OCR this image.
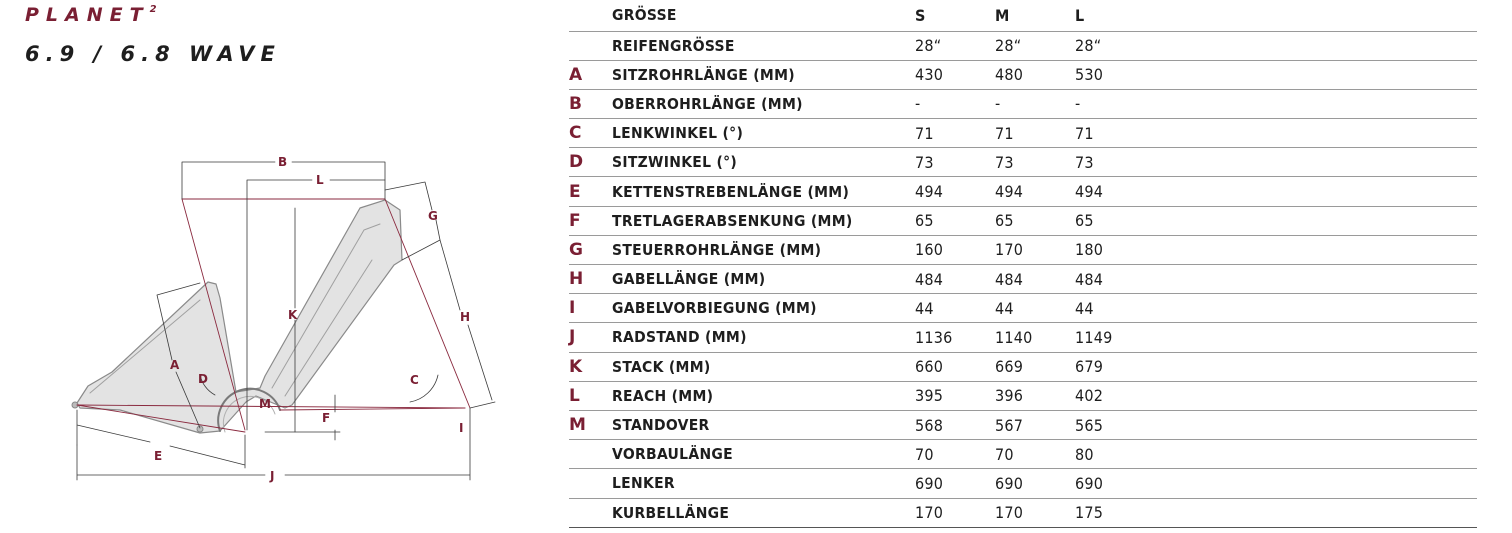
PLANET$^2$
6.9 / 6.8 WAVE
B
L
K
G
H
A
D	C
M
F
I
E
J
GRÖSSE	S	M	L
REIFENGRÖSSE	28“	28“	28“
A SITZROHRLÄNGE (MM)	430	480	530
B OBERROHRLÄNGE (MM)	-	-	-
C LENKWINKEL (°)	71	71	71
D SITZWINKEL (°)	73	73	73
E KETTENSTREBENLÄNGE (MM)	494	494	494
F TRETLAGERABSENKUNG (MM)	65	65	65
G STEUERROHRLÄNGE (MM)	160	170	180
H GABELLÄNGE (MM)	484	484	484
I GABELVORBIEGUNG (MM)	44	44	44
J RADSTAND (MM)	1136	1140	1149
K STACK (MM)	660	669	679
L REACH (MM)	395	396	402
M STANDOVER	568	567	565
VORBAULÄNGE	70	70	80
LENKER	690	690	690
KURBELLÄNGE	170	170	175
